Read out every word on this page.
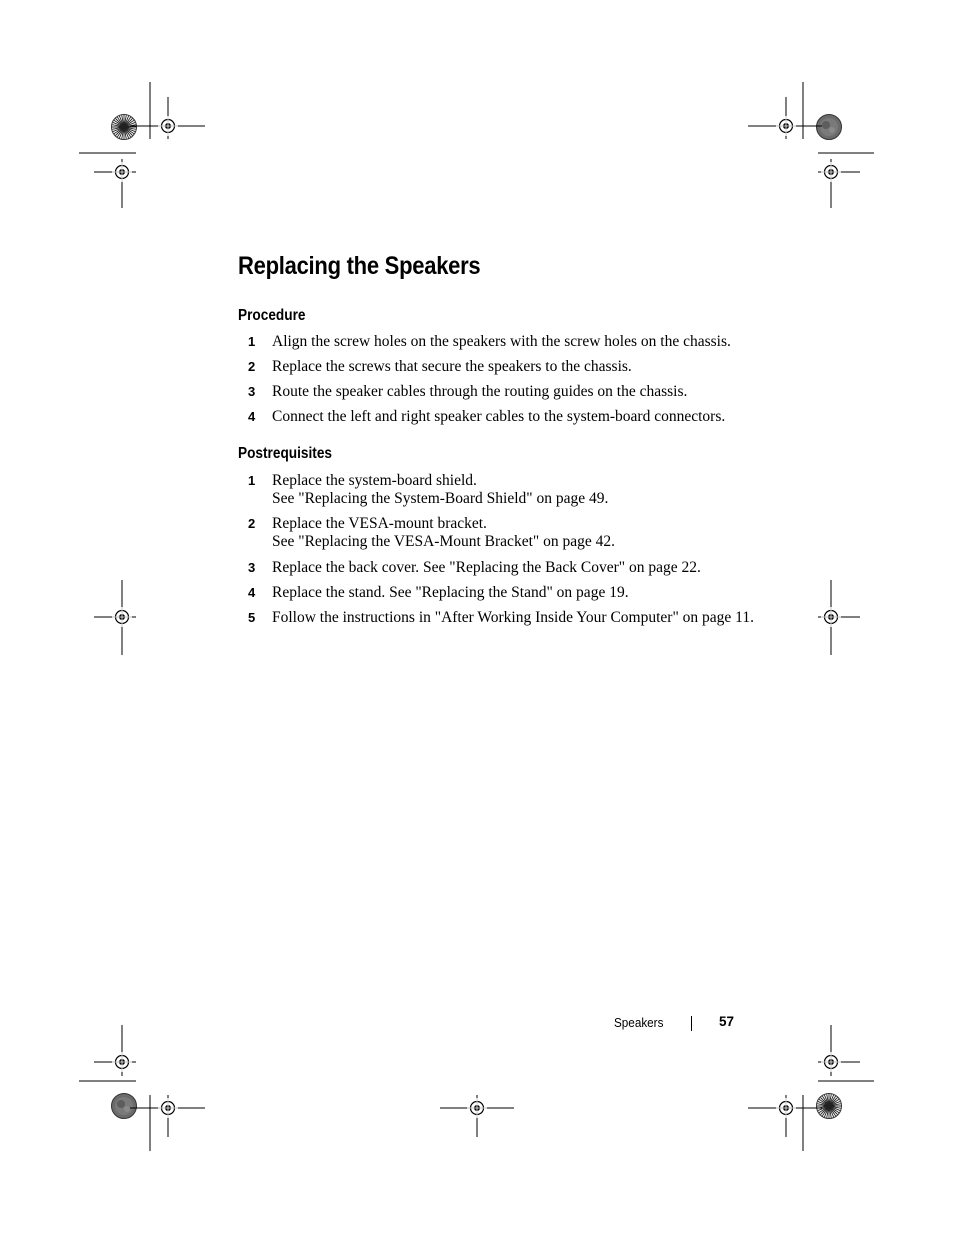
Replacing the Speakers
Procedure
1 Align the screw holes on the speakers with the screw holes on the chassis.
2 Replace the screws that secure the speakers to the chassis.
3 Route the speaker cables through the routing guides on the chassis.
4 Connect the left and right speaker cables to the system-board connectors.
Postrequisites
1 Replace the system-board shield.
See "Replacing the System-Board Shield" on page 49.
2 Replace the VESA-mount bracket.
See "Replacing the VESA-Mount Bracket" on page 42.
3 Replace the back cover. See "Replacing the Back Cover" on page 22.
4 Replace the stand. See "Replacing the Stand" on page 19.
5 Follow the instructions in "After Working Inside Your Computer" on page 11.
Speakers	57
